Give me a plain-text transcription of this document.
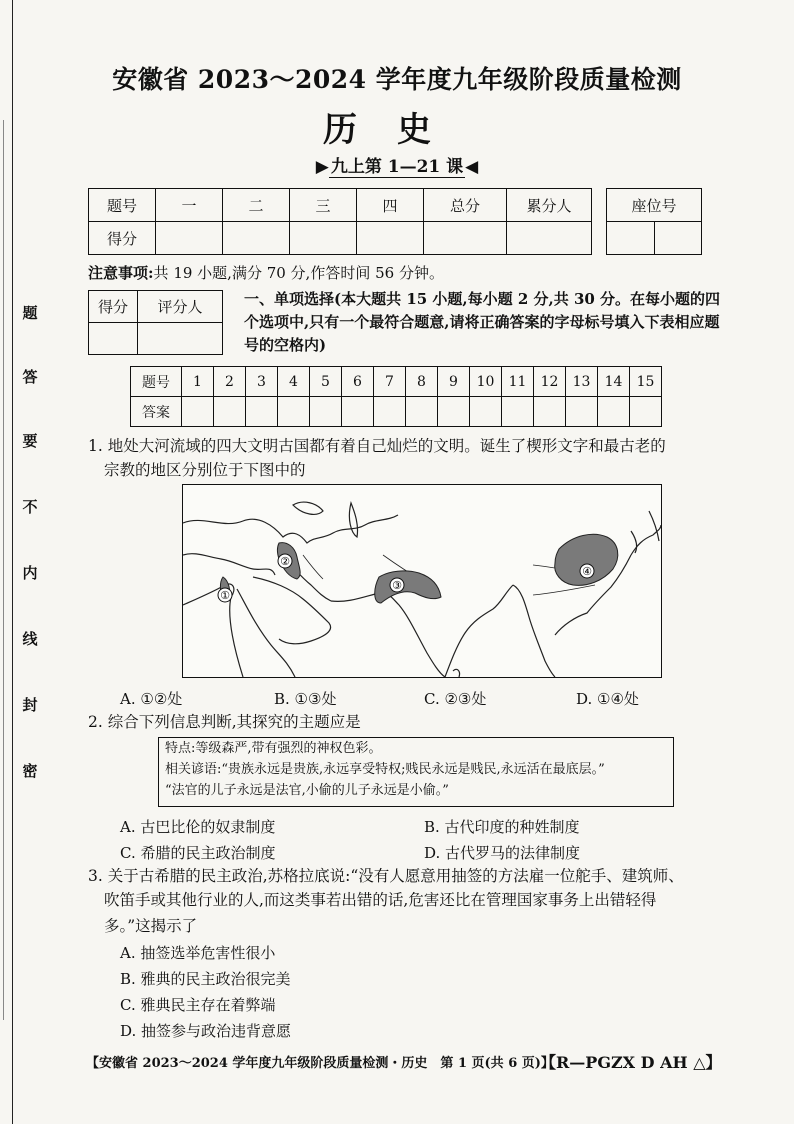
题
答
要
不
内
线
封
密
安徽省 2023～2024 学年度九年级阶段质量检测
历史
▶ 九上第 1—21 课 ◀
题号	一	二	三	四	总分	累分人
得分						
座位号

注意事项:共 19 小题,满分 70 分,作答时间 56 分钟。
得分	评分人
		一、单项选择(本大题共 15 小题,每小题 2 分,共 30 分。在每小题的四个选项中,只有一个最符合题意,请将正确答案的字母标号填入下表相应题号的空格内)
题号	1	2	3	4	5	6	7	8	9	10	11	12	13	14	15
答案															
1. 地处大河流域的四大文明古国都有着自己灿烂的文明。诞生了楔形文字和最古老的
宗教的地区分别位于下图中的
①
②
③
④
A. ①②处	B. ①③处	C. ②③处	D. ①④处
2. 综合下列信息判断,其探究的主题应是
特点:等级森严,带有强烈的神权色彩。
相关谚语:“贵族永远是贵族,永远享受特权;贱民永远是贱民,永远活在最底层。”
“法官的儿子永远是法官,小偷的儿子永远是小偷。”
A. 古巴比伦的奴隶制度	B. 古代印度的种姓制度
C. 希腊的民主政治制度	D. 古代罗马的法律制度
3. 关于古希腊的民主政治,苏格拉底说:“没有人愿意用抽签的方法雇一位舵手、建筑师、
吹笛手或其他行业的人,而这类事若出错的话,危害还比在管理国家事务上出错轻得
多。”这揭示了
A. 抽签选举危害性很小
B. 雅典的民主政治很完美
C. 雅典民主存在着弊端
D. 抽签参与政治违背意愿
【安徽省 2023～2024 学年度九年级阶段质量检测・历史　第 1 页(共 6 页)】
【R—PGZX D AH △】
